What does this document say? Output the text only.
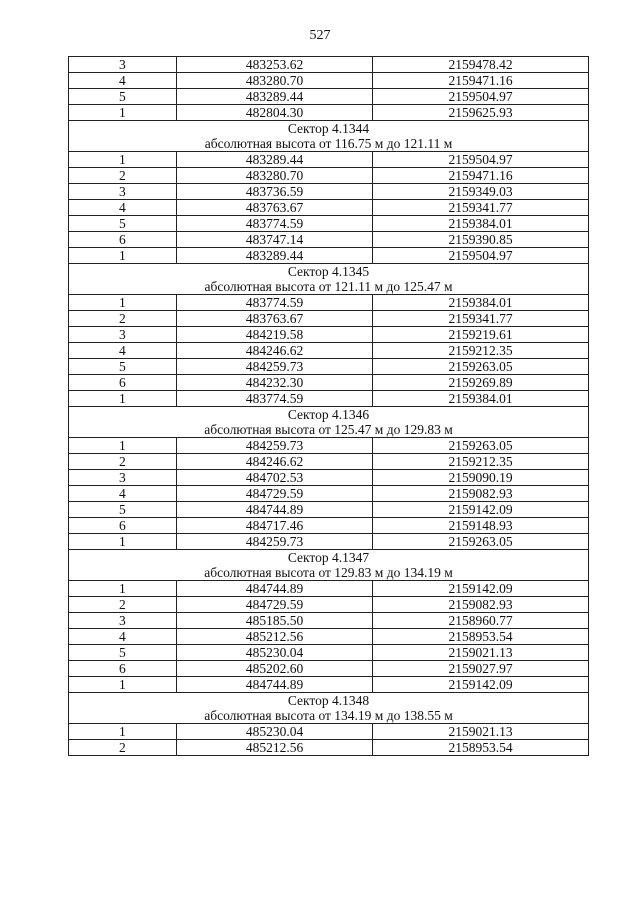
527
3	483253.62	2159478.42
4	483280.70	2159471.16
5	483289.44	2159504.97
1	482804.30	2159625.93
Сектор 4.1344		
абсолютная высота от 116.75 м до 121.11 м		
1	483289.44	2159504.97
2	483280.70	2159471.16
3	483736.59	2159349.03
4	483763.67	2159341.77
5	483774.59	2159384.01
6	483747.14	2159390.85
1	483289.44	2159504.97
Сектор 4.1345		
абсолютная высота от 121.11 м до 125.47 м		
1	483774.59	2159384.01
2	483763.67	2159341.77
3	484219.58	2159219.61
4	484246.62	2159212.35
5	484259.73	2159263.05
6	484232.30	2159269.89
1	483774.59	2159384.01
Сектор 4.1346		
абсолютная высота от 125.47 м до 129.83 м		
1	484259.73	2159263.05
2	484246.62	2159212.35
3	484702.53	2159090.19
4	484729.59	2159082.93
5	484744.89	2159142.09
6	484717.46	2159148.93
1	484259.73	2159263.05
Сектор 4.1347		
абсолютная высота от 129.83 м до 134.19 м		
1	484744.89	2159142.09
2	484729.59	2159082.93
3	485185.50	2158960.77
4	485212.56	2158953.54
5	485230.04	2159021.13
6	485202.60	2159027.97
1	484744.89	2159142.09
Сектор 4.1348		
абсолютная высота от 134.19 м до 138.55 м		
1	485230.04	2159021.13
2	485212.56	2158953.54
